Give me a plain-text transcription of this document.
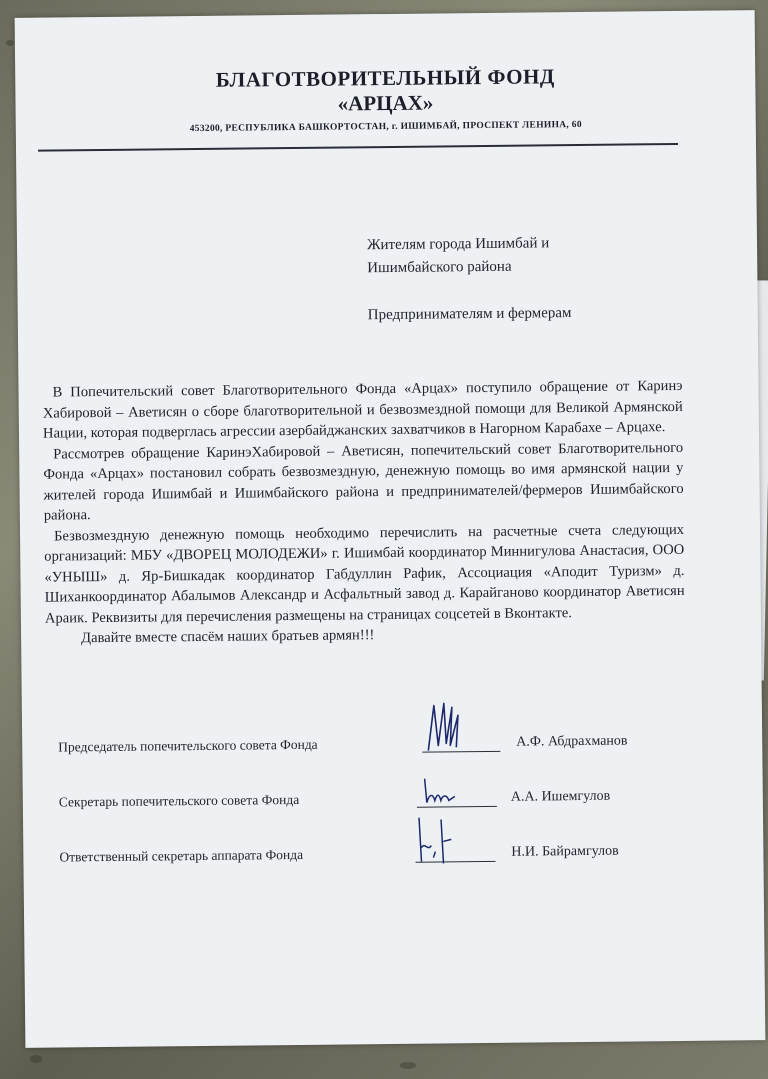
БЛАГОТВОРИТЕЛЬНЫЙ ФОНД
«АРЦАХ»
453200, РЕСПУБЛИКА БАШКОРТОСТАН, г. ИШИМБАЙ, ПРОСПЕКТ ЛЕНИНА, 60
Жителям города Ишимбай и
Ишимбайского района
Предпринимателям и фермерам

В Попечительский совет Благотворительного Фонда «Арцах» поступило обращение от Каринэ Хабировой – Аветисян о сборе благотворительной и безвозмездной помощи для Великой Армянской Нации, которая подверглась агрессии азербайджанских захватчиков в Нагорном Карабахе – Арцахе.

Рассмотрев обращение КаринэХабировой – Аветисян, попечительский совет Благотворительного Фонда «Арцах» постановил собрать безвозмездную, денежную помощь во имя армянской нации у жителей города Ишимбай и Ишимбайского района и предпринимателей/фермеров Ишимбайского района.

Безвозмездную денежную помощь необходимо перечислить на расчетные счета следующих организаций: МБУ «ДВОРЕЦ МОЛОДЕЖИ» г. Ишимбай координатор Миннигулова Анастасия, ООО «УНЫШ» д. Яр-Бишкадак координатор Габдуллин Рафик, Ассоциация «Аподит Туризм» д. Шиханкоординатор Абалымов Александр и Асфальтный завод д. Карайганово координатор Аветисян Араик. Реквизиты для перечисления размещены на страницах соцсетей в Вконтакте.

Давайте вместе спасём наших братьев армян!!!

Председатель попечительского совета Фонда	А.Ф. Абдрахманов
Секретарь попечительского совета Фонда	А.А. Ишемгулов
Ответственный секретарь аппарата Фонда	Н.И. Байрамгулов
